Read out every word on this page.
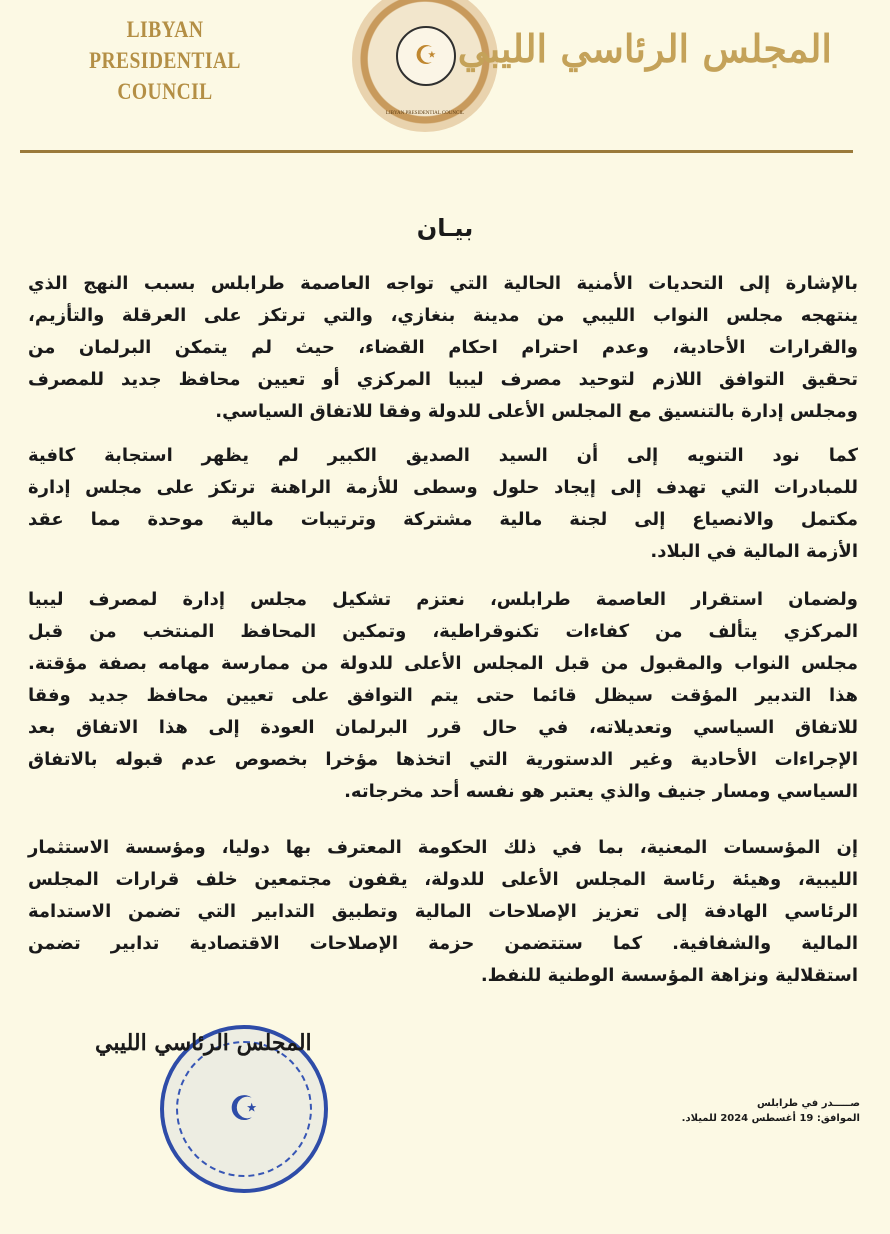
LIBYAN PRESIDENTIAL
COUNCIL
☪
LIBYAN PRESIDENTIAL COUNCIL
المجلس الرئاسي الليبي
بيـان
بالإشارة إلى التحديات الأمنية الحالية التي تواجه العاصمة طرابلس بسبب النهج الذي
ينتهجه مجلس النواب الليبي من مدينة بنغازي، والتي ترتكز على العرقلة والتأزيم،
والقرارات الأحادية، وعدم احترام احكام القضاء، حيث لم يتمكن البرلمان من
تحقيق التوافق اللازم لتوحيد مصرف ليبيا المركزي أو تعيين محافظ جديد للمصرف
ومجلس إدارة بالتنسيق مع المجلس الأعلى للدولة وفقا للاتفاق السياسي.
كما نود التنويه إلى أن السيد الصديق الكبير لم يظهر استجابة كافية
للمبادرات التي تهدف إلى إيجاد حلول وسطى للأزمة الراهنة ترتكز على مجلس إدارة
مكتمل والانصياع إلى لجنة مالية مشتركة وترتيبات مالية موحدة مما عقد
الأزمة المالية في البلاد.
ولضمان استقرار العاصمة طرابلس، نعتزم تشكيل مجلس إدارة لمصرف ليبيا
المركزي يتألف من كفاءات تكنوقراطية، وتمكين المحافظ المنتخب من قبل
مجلس النواب والمقبول من قبل المجلس الأعلى للدولة من ممارسة مهامه بصفة مؤقتة.
هذا التدبير المؤقت سيظل قائما حتى يتم التوافق على تعيين محافظ جديد وفقا
للاتفاق السياسي وتعديلاته، في حال قرر البرلمان العودة إلى هذا الاتفاق بعد
الإجراءات الأحادية وغير الدستورية التي اتخذها مؤخرا بخصوص عدم قبوله بالاتفاق
السياسي ومسار جنيف والذي يعتبر هو نفسه أحد مخرجاته.
إن المؤسسات المعنية، بما في ذلك الحكومة المعترف بها دوليا، ومؤسسة الاستثمار
الليبية، وهيئة رئاسة المجلس الأعلى للدولة، يقفون مجتمعين خلف قرارات المجلس
الرئاسي الهادفة إلى تعزيز الإصلاحات المالية وتطبيق التدابير التي تضمن الاستدامة
المالية والشفافية. كما ستتضمن حزمة الإصلاحات الاقتصادية تدابير تضمن
استقلالية ونزاهة المؤسسة الوطنية للنفط.
☪
المجلس الرئاسي الليبي
صـــــدر في طرابلس
الموافق: 19 أغسطس 2024 للميلاد.
